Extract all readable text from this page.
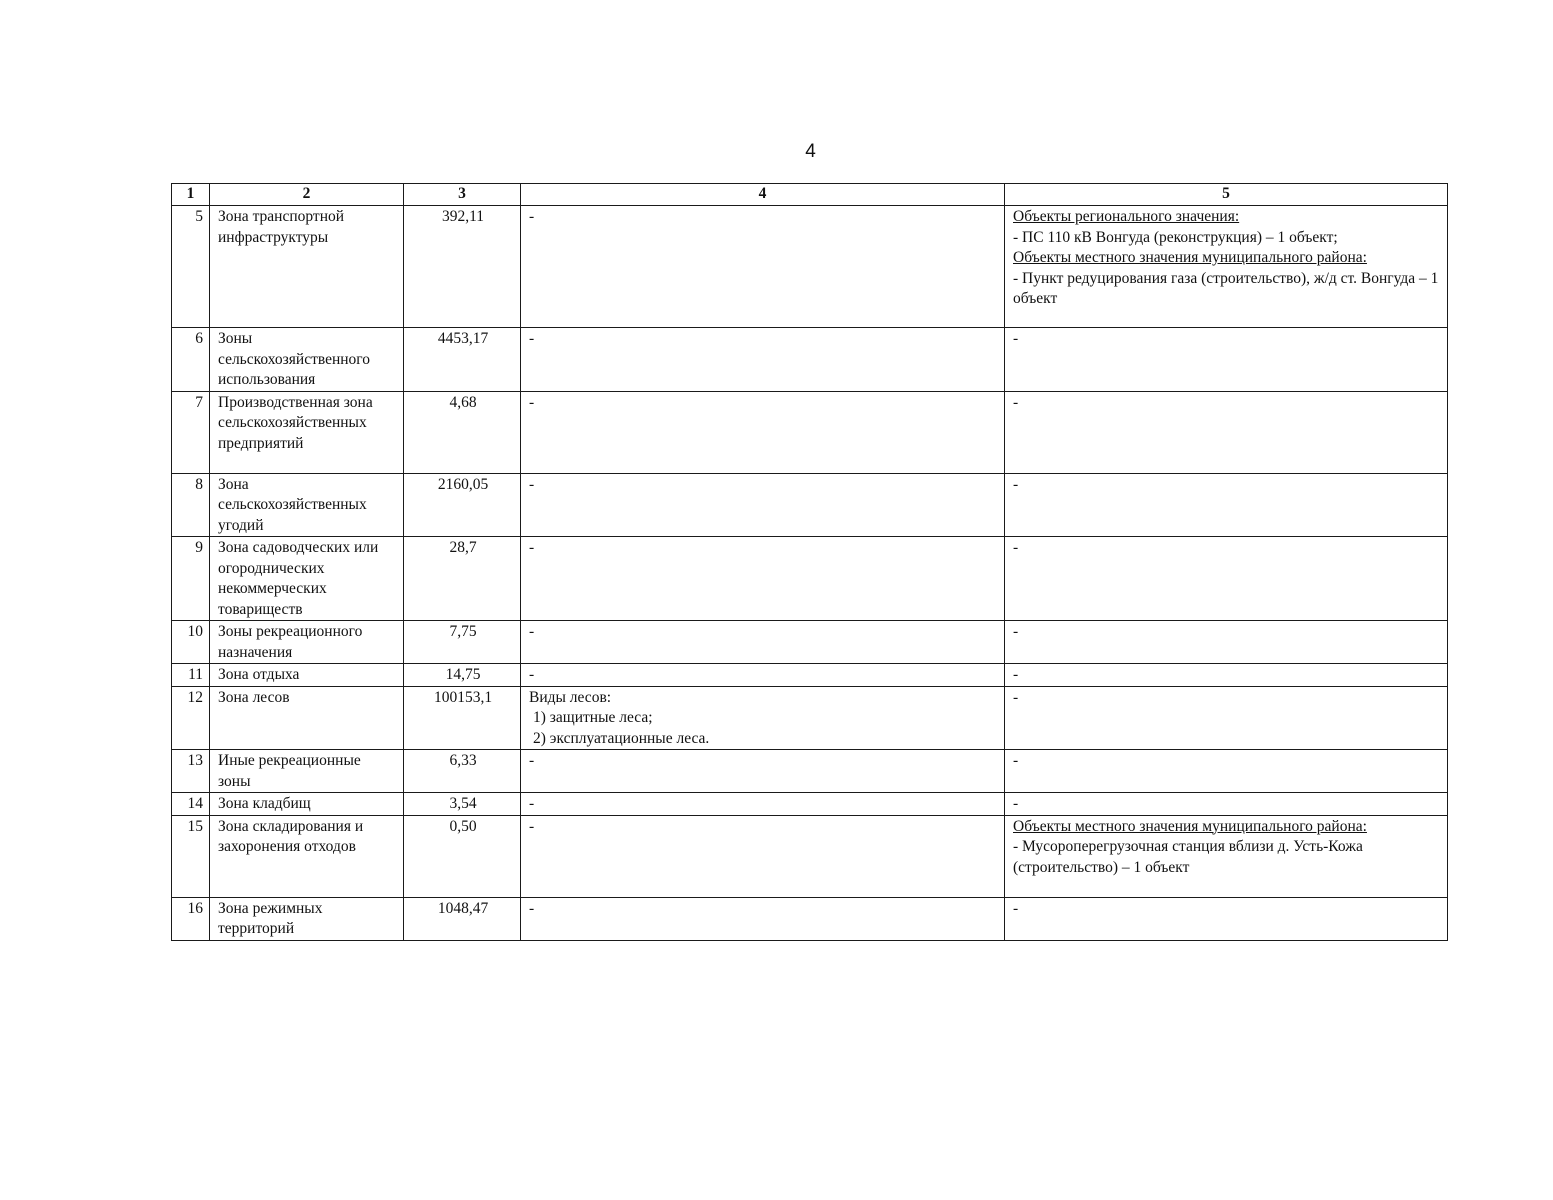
4
1	2	3	4	5
5	Зона транспортной инфраструктуры	392,11	-	Объекты регионального значения:
- ПС 110 кВ Вонгуда (реконструкция) – 1 объект;
Объекты местного значения муниципального района:
- Пункт редуцирования газа (строительство), ж/д ст. Вонгуда – 1 объект

6	Зоны сельскохозяйственного использования	4453,17	-	-

7	Производственная зона сельскохозяйственных предприятий	4,68	-	-

8	Зона сельскохозяйственных угодий	2160,05	-	-

9	Зона садоводческих или огороднических некоммерческих товариществ	28,7	-	-

10	Зоны рекреационного назначения	7,75	-	-

11	Зона отдыха	14,75	-	-

12	Зона лесов	100153,1	Виды лесов:
1) защитные леса;
2) эксплуатационные леса.	-

13	Иные рекреационные зоны	6,33	-	-

14	Зона кладбищ	3,54	-	-

15	Зона складирования и захоронения отходов	0,50	-	Объекты местного значения муниципального района:
- Мусороперегрузочная станция вблизи д. Усть-Кожа (строительство) – 1 объект

16	Зона режимных территорий	1048,47	-	-
